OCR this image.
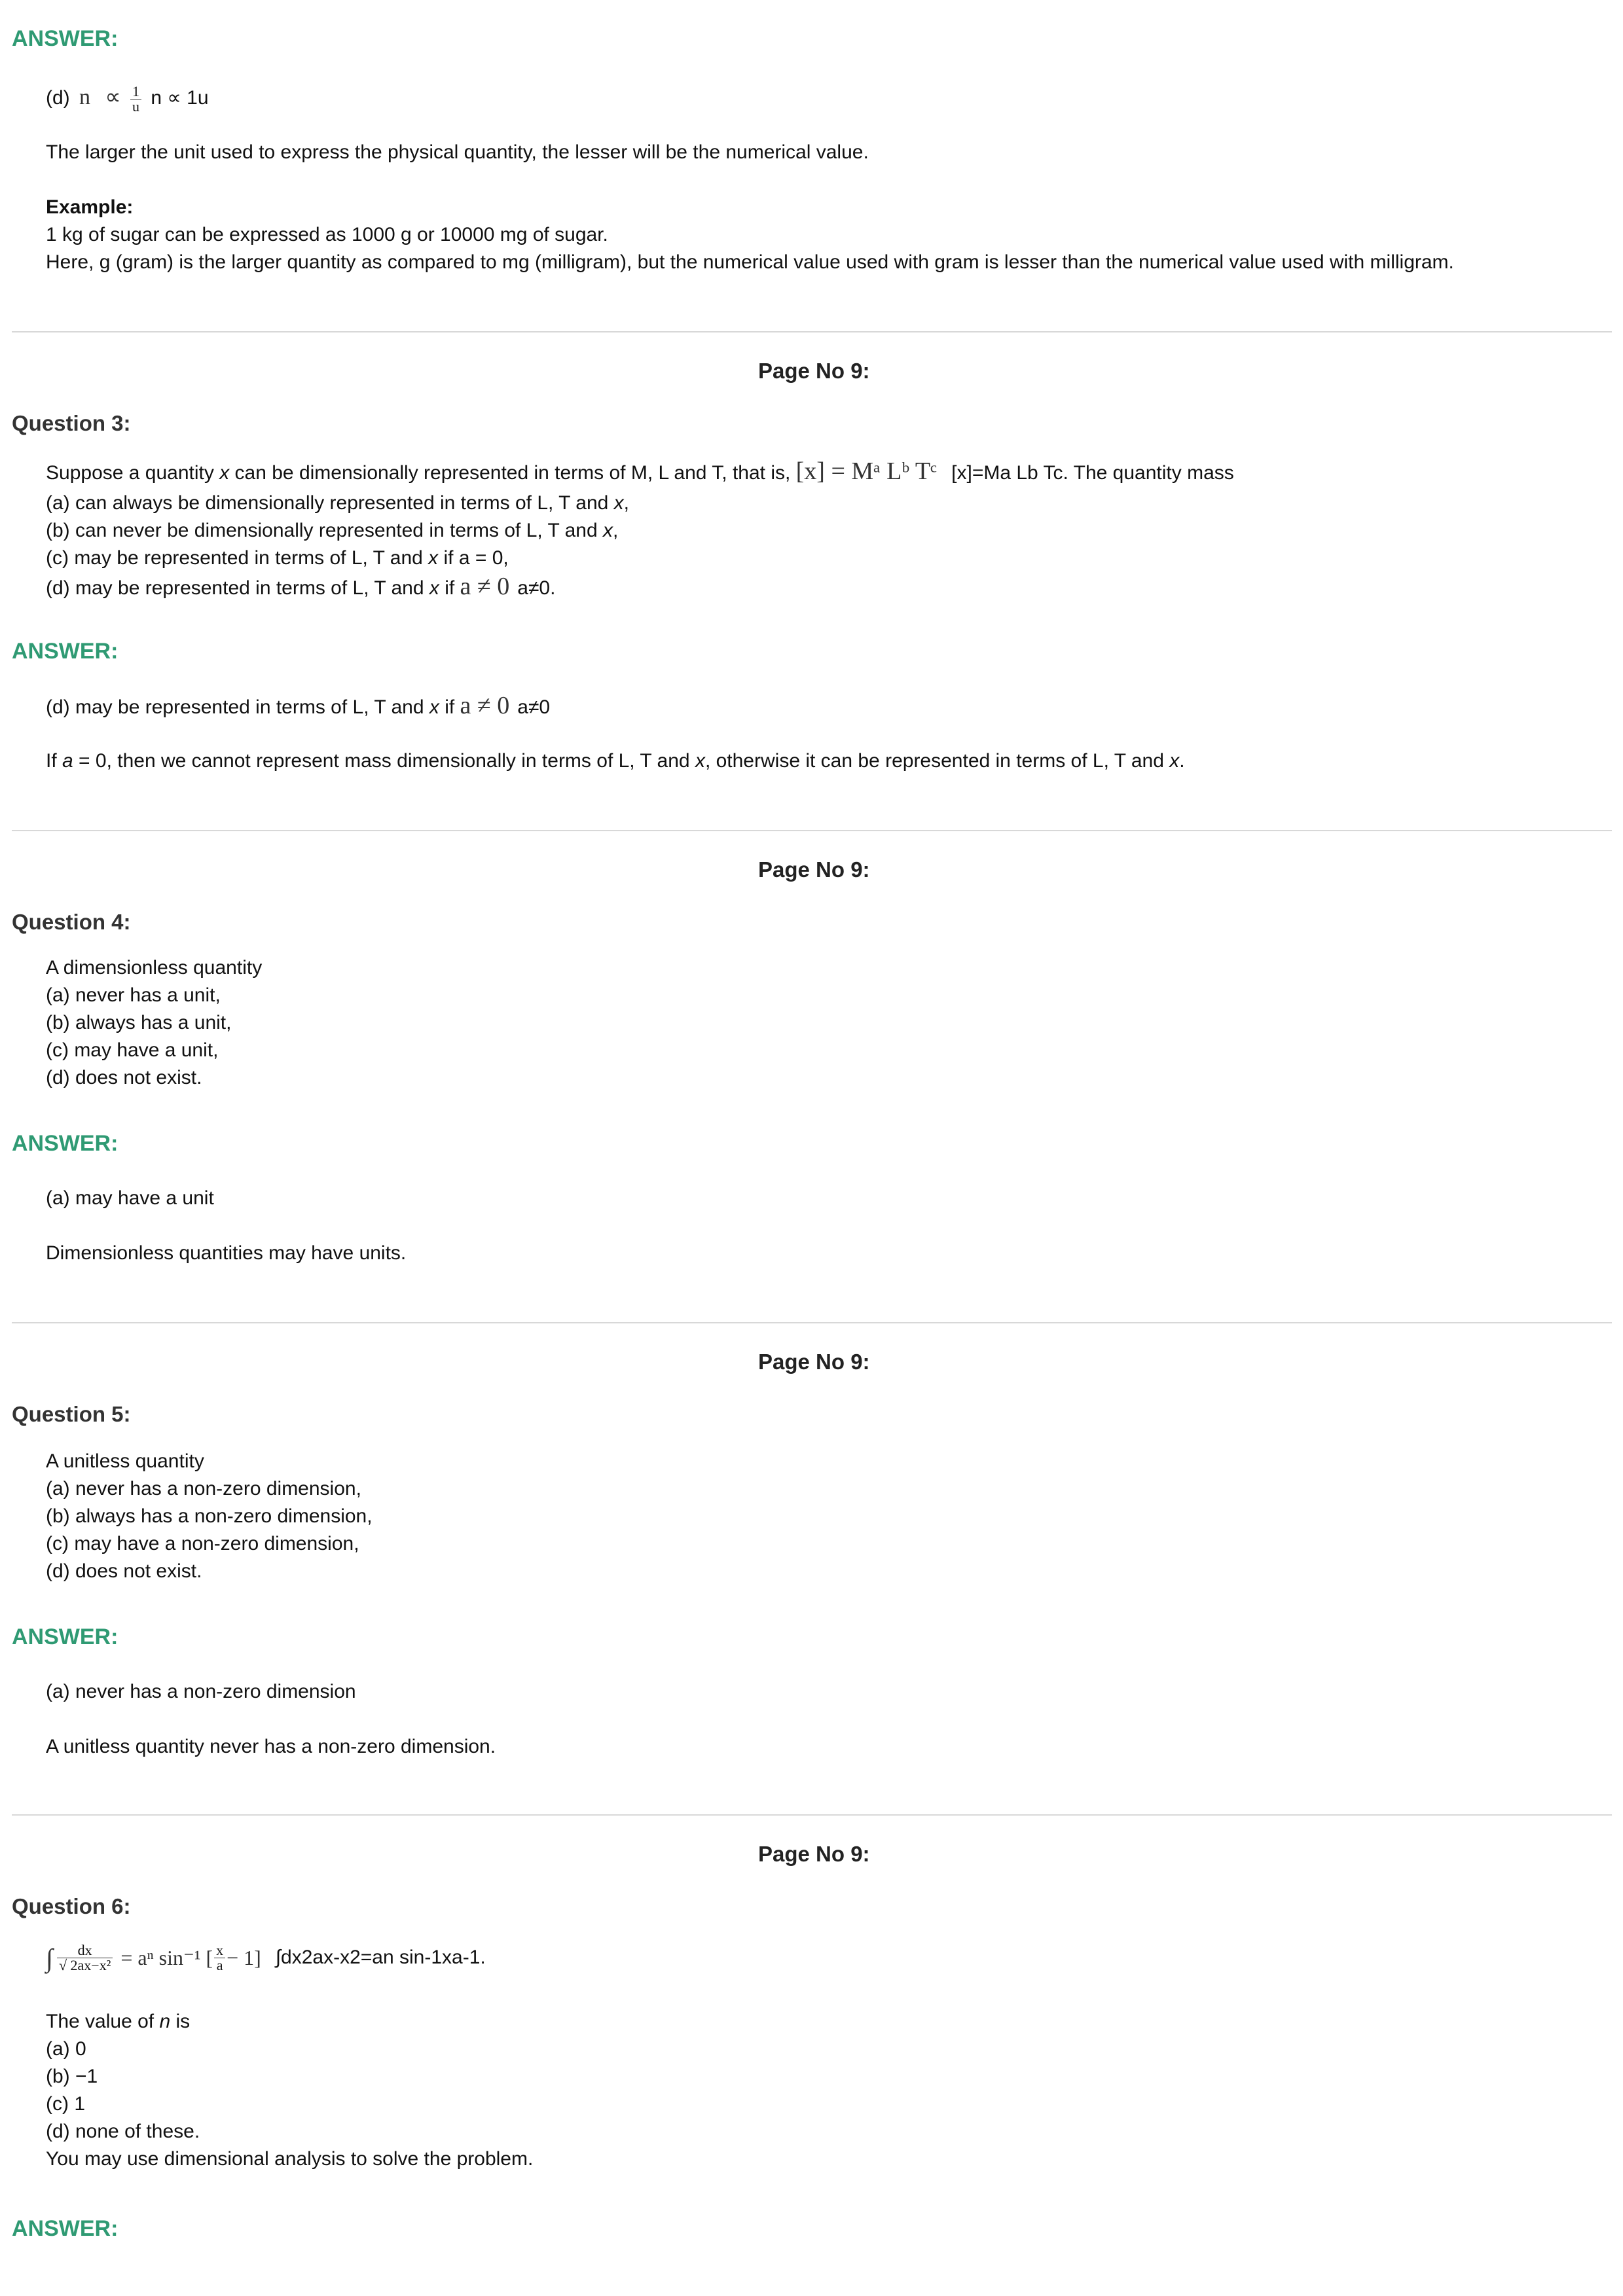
ANSWER:
(d) $n \propto \frac{1}{u}$ n ∝ 1u
The larger the unit used to express the physical quantity, the lesser will be the numerical value.
Example:
1 kg of sugar can be expressed as 1000 g or 10000 mg of sugar.
Here, g (gram) is the larger quantity as compared to mg (milligram), but the numerical value used with gram is lesser than the numerical value used with milligram.
Page No 9:
Question 3:
Suppose a quantity x can be dimensionally represented in terms of M, L and T, that is, [x] = Mᵃ Lᵇ Tᶜ [x]=Ma Lb Tc. The quantity mass
(a) can always be dimensionally represented in terms of L, T and x,
(b) can never be dimensionally represented in terms of L, T and x,
(c) may be represented in terms of L, T and x if a = 0,
(d) may be represented in terms of L, T and x if a ≠ 0 a≠0.
ANSWER:
(d) may be represented in terms of L, T and x if a ≠ 0 a≠0
If a = 0, then we cannot represent mass dimensionally in terms of L, T and x, otherwise it can be represented in terms of L, T and x.
Page No 9:
Question 4:
A dimensionless quantity
(a) never has a unit,
(b) always has a unit,
(c) may have a unit,
(d) does not exist.
ANSWER:
(a) may have a unit
Dimensionless quantities may have units.
Page No 9:
Question 5:
A unitless quantity
(a) never has a non-zero dimension,
(b) always has a non-zero dimension,
(c) may have a non-zero dimension,
(d) does not exist.
ANSWER:
(a) never has a non-zero dimension
A unitless quantity never has a non-zero dimension.
Page No 9:
Question 6:
∫ $\frac{dx}{\text{√ 2ax−x²}} = a^n$ sin⁻¹ [ $\frac{x}{a} - 1$] ∫dx2ax-x2=an sin-1xa-1.
The value of n is
(a) 0
(b) −1
(c) 1
(d) none of these.
You may use dimensional analysis to solve the problem.
ANSWER:
